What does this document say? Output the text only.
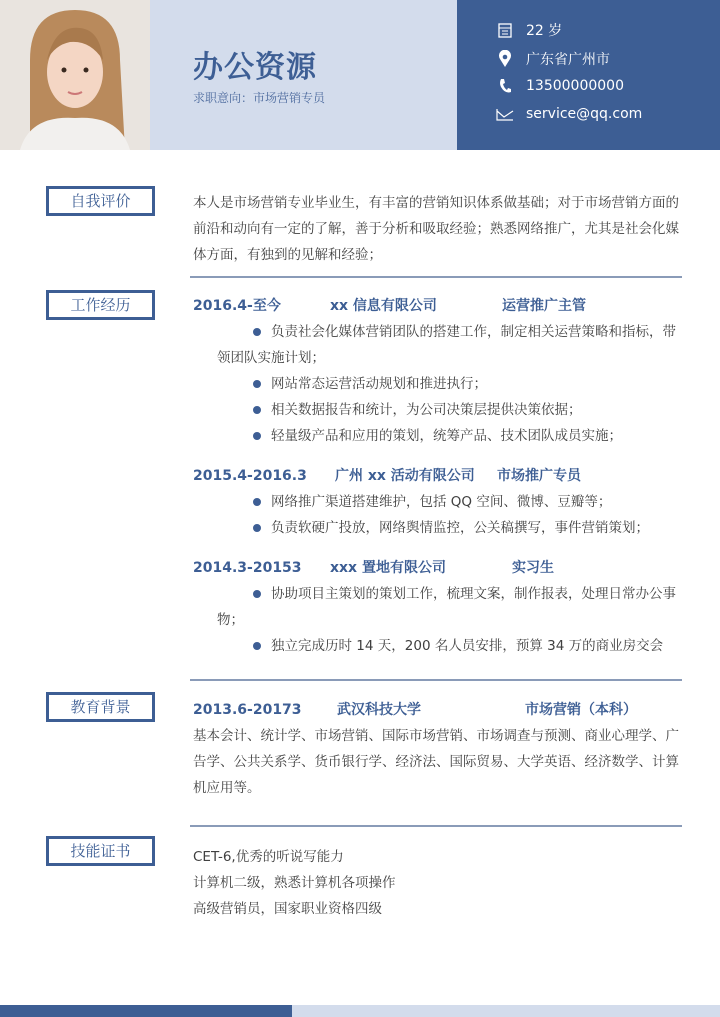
办公资源
求职意向：市场营销专员
22 岁
广东省广州市
13500000000
service@qq.com
自我评价	本人是市场营销专业毕业生，有丰富的营销知识体系做基础；对于市场营销方面的前沿和动向有一定的了解，善于分析和吸取经验；熟悉网络推广，尤其是社会化媒体方面，有独到的见解和经验；
工作经历	2016.4-至今	xx 信息有限公司	运营推广主管
负责社会化媒体营销团队的搭建工作，制定相关运营策略和指标，带领团队实施计划；
网站常态运营活动规划和推进执行；
相关数据报告和统计，为公司决策层提供决策依据；
轻量级产品和应用的策划，统筹产品、技术团队成员实施；
2015.4-2016.3 广州 xx 活动有限公司 市场推广专员
网络推广渠道搭建维护，包括 QQ 空间、微博、豆瓣等；
负责软硬广投放，网络舆情监控，公关稿撰写，事件营销策划；
2014.3-20153 xxx 置地有限公司	实习生
协助项目主策划的策划工作，梳理文案，制作报表，处理日常办公事物；
独立完成历时 14 天，200 名人员安排，预算 34 万的商业房交会
教育背景	2013.6-20173	武汉科技大学	市场营销（本科）
基本会计、统计学、市场营销、国际市场营销、市场调查与预测、商业心理学、广告学、公共关系学、货币银行学、经济法、国际贸易、大学英语、经济数学、计算机应用等。
技能证书	CET-6,优秀的听说写能力
计算机二级，熟悉计算机各项操作
高级营销员，国家职业资格四级
